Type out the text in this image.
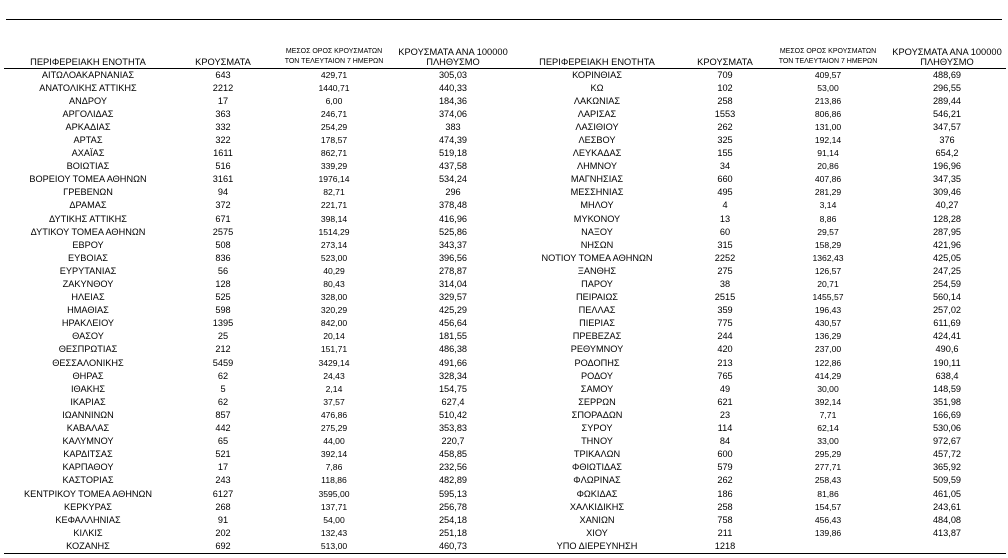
ΠΕΡΙΦΕΡΕΙΑΚΗ ΕΝΟΤΗΤΑ	ΚΡΟΥΣΜΑΤΑ	ΜΕΣΟΣ ΟΡΟΣ ΚΡΟΥΣΜΑΤΩΝ
ΤΟΝ ΤΕΛΕΥΤΑΙΟΝ 7 ΗΜΕΡΩΝ	ΚΡΟΥΣΜΑΤΑ ΑΝΑ 100000
ΠΛΗΘΥΣΜΟ
ΑΙΤΩΛΟΑΚΑΡΝΑΝΙΑΣ	643	429,71	305,03
ΑΝΑΤΟΛΙΚΗΣ ΑΤΤΙΚΗΣ	2212	1440,71	440,33
ΑΝΔΡΟΥ	17	6,00	184,36
ΑΡΓΟΛΙΔΑΣ	363	246,71	374,06
ΑΡΚΑΔΙΑΣ	332	254,29	383
ΑΡΤΑΣ	322	178,57	474,39
ΑΧΑΪΑΣ	1611	862,71	519,18
ΒΟΙΩΤΙΑΣ	516	339,29	437,58
ΒΟΡΕΙΟΥ ΤΟΜΕΑ ΑΘΗΝΩΝ	3161	1976,14	534,24
ΓΡΕΒΕΝΩΝ	94	82,71	296
ΔΡΑΜΑΣ	372	221,71	378,48
ΔΥΤΙΚΗΣ ΑΤΤΙΚΗΣ	671	398,14	416,96
ΔΥΤΙΚΟΥ ΤΟΜΕΑ ΑΘΗΝΩΝ	2575	1514,29	525,86
ΕΒΡΟΥ	508	273,14	343,37
ΕΥΒΟΙΑΣ	836	523,00	396,56
ΕΥΡΥΤΑΝΙΑΣ	56	40,29	278,87
ΖΑΚΥΝΘΟΥ	128	80,43	314,04
ΗΛΕΙΑΣ	525	328,00	329,57
ΗΜΑΘΙΑΣ	598	320,29	425,29
ΗΡΑΚΛΕΙΟΥ	1395	842,00	456,64
ΘΑΣΟΥ	25	20,14	181,55
ΘΕΣΠΡΩΤΙΑΣ	212	151,71	486,38
ΘΕΣΣΑΛΟΝΙΚΗΣ	5459	3429,14	491,66
ΘΗΡΑΣ	62	24,43	328,34
ΙΘΑΚΗΣ	5	2,14	154,75
ΙΚΑΡΙΑΣ	62	37,57	627,4
ΙΩΑΝΝΙΝΩΝ	857	476,86	510,42
ΚΑΒΑΛΑΣ	442	275,29	353,83
ΚΑΛΥΜΝΟΥ	65	44,00	220,7
ΚΑΡΔΙΤΣΑΣ	521	392,14	458,85
ΚΑΡΠΑΘΟΥ	17	7,86	232,56
ΚΑΣΤΟΡΙΑΣ	243	118,86	482,89
ΚΕΝΤΡΙΚΟΥ ΤΟΜΕΑ ΑΘΗΝΩΝ	6127	3595,00	595,13
ΚΕΡΚΥΡΑΣ	268	137,71	256,78
ΚΕΦΑΛΛΗΝΙΑΣ	91	54,00	254,18
ΚΙΛΚΙΣ	202	132,43	251,18
ΚΟΖΑΝΗΣ	692	513,00	460,73
ΠΕΡΙΦΕΡΕΙΑΚΗ ΕΝΟΤΗΤΑ	ΚΡΟΥΣΜΑΤΑ	ΜΕΣΟΣ ΟΡΟΣ ΚΡΟΥΣΜΑΤΩΝ
ΤΟΝ ΤΕΛΕΥΤΑΙΟΝ 7 ΗΜΕΡΩΝ	ΚΡΟΥΣΜΑΤΑ ΑΝΑ 100000
ΠΛΗΘΥΣΜΟ
ΚΟΡΙΝΘΙΑΣ	709	409,57	488,69
ΚΩ	102	53,00	296,55
ΛΑΚΩΝΙΑΣ	258	213,86	289,44
ΛΑΡΙΣΑΣ	1553	806,86	546,21
ΛΑΣΙΘΙΟΥ	262	131,00	347,57
ΛΕΣΒΟΥ	325	192,14	376
ΛΕΥΚΑΔΑΣ	155	91,14	654,2
ΛΗΜΝΟΥ	34	20,86	196,96
ΜΑΓΝΗΣΙΑΣ	660	407,86	347,35
ΜΕΣΣΗΝΙΑΣ	495	281,29	309,46
ΜΗΛΟΥ	4	3,14	40,27
ΜΥΚΟΝΟΥ	13	8,86	128,28
ΝΑΞΟΥ	60	29,57	287,95
ΝΗΣΩΝ	315	158,29	421,96
ΝΟΤΙΟΥ ΤΟΜΕΑ ΑΘΗΝΩΝ	2252	1362,43	425,05
ΞΑΝΘΗΣ	275	126,57	247,25
ΠΑΡΟΥ	38	20,71	254,59
ΠΕΙΡΑΙΩΣ	2515	1455,57	560,14
ΠΕΛΛΑΣ	359	196,43	257,02
ΠΙΕΡΙΑΣ	775	430,57	611,69
ΠΡΕΒΕΖΑΣ	244	136,29	424,41
ΡΕΘΥΜΝΟΥ	420	237,00	490,6
ΡΟΔΟΠΗΣ	213	122,86	190,11
ΡΟΔΟΥ	765	414,29	638,4
ΣΑΜΟΥ	49	30,00	148,59
ΣΕΡΡΩΝ	621	392,14	351,98
ΣΠΟΡΑΔΩΝ	23	7,71	166,69
ΣΥΡΟΥ	114	62,14	530,06
ΤΗΝΟΥ	84	33,00	972,67
ΤΡΙΚΑΛΩΝ	600	295,29	457,72
ΦΘΙΩΤΙΔΑΣ	579	277,71	365,92
ΦΛΩΡΙΝΑΣ	262	258,43	509,59
ΦΩΚΙΔΑΣ	186	81,86	461,05
ΧΑΛΚΙΔΙΚΗΣ	258	154,57	243,61
ΧΑΝΙΩΝ	758	456,43	484,08
ΧΙΟΥ	211	139,86	413,87
ΥΠΟ ΔΙΕΡΕΥΝΗΣΗ	1218		
